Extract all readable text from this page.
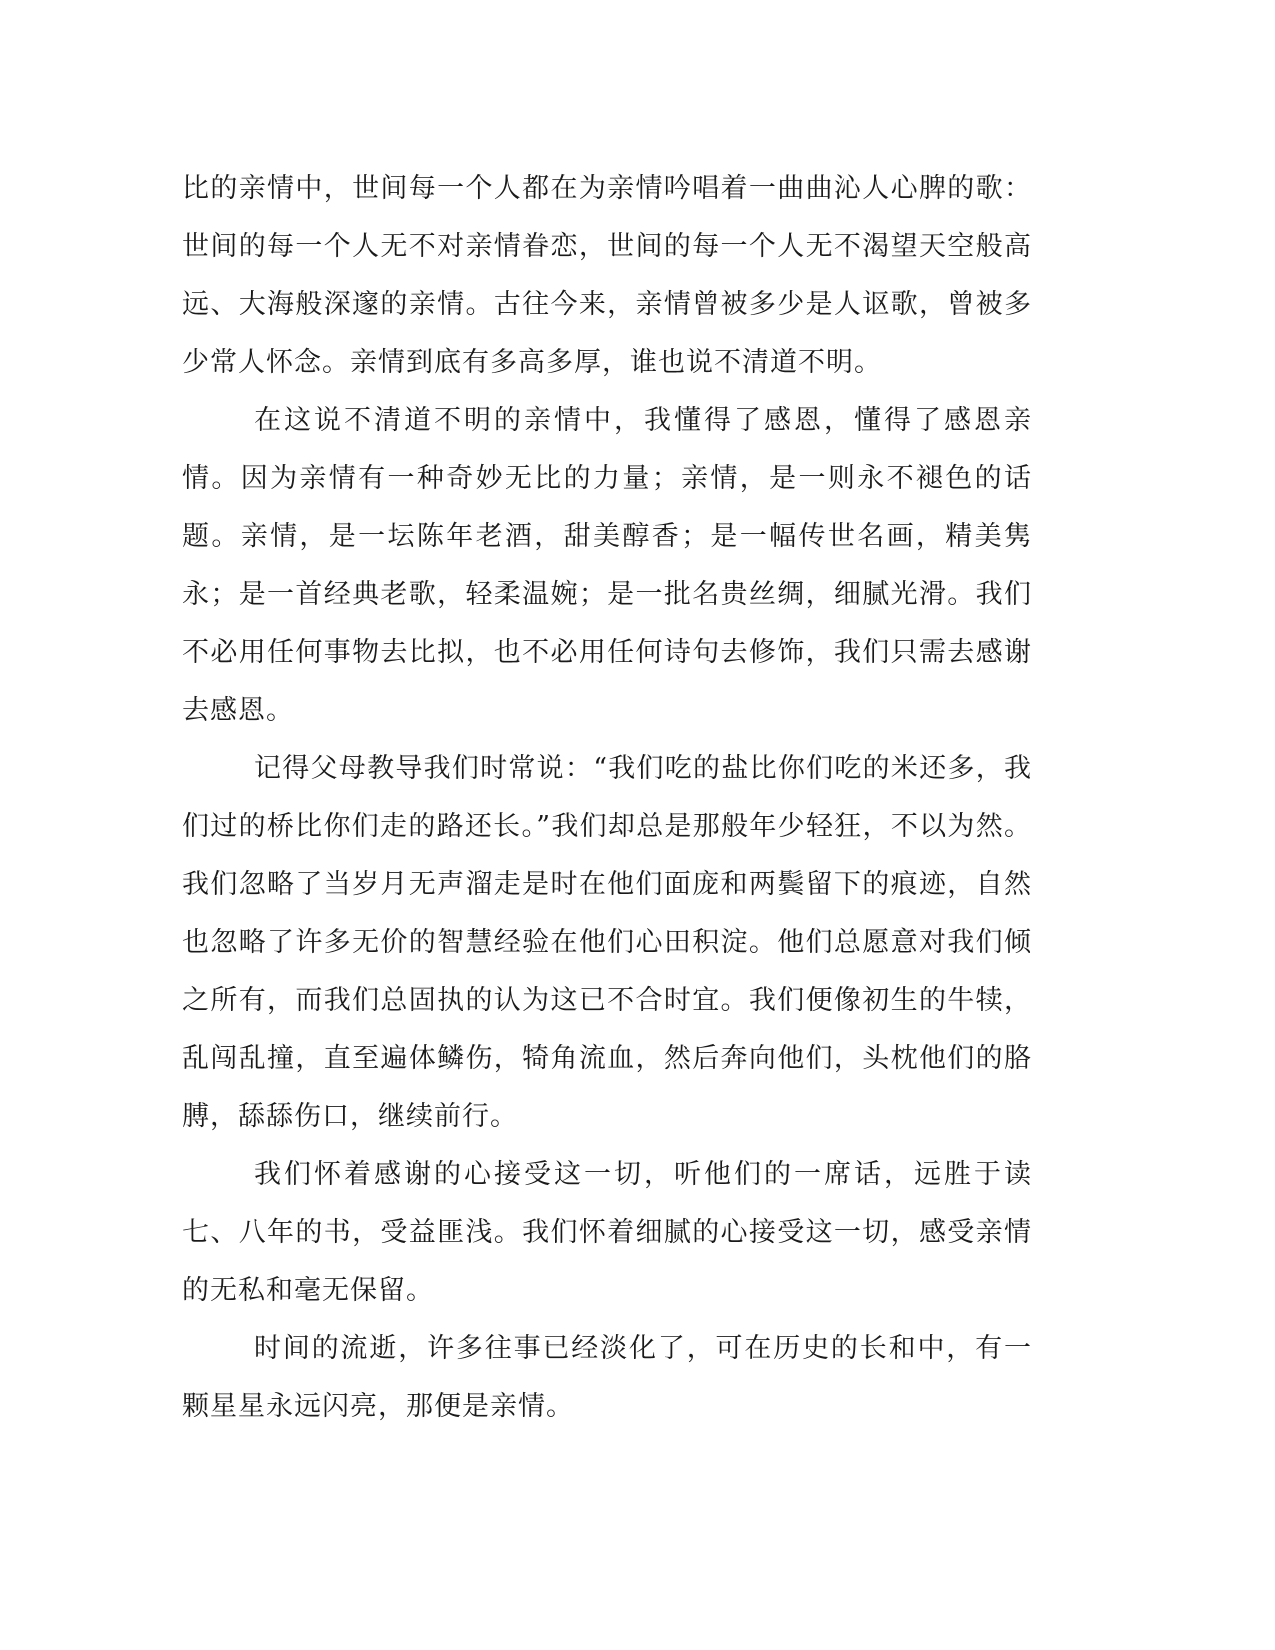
比的亲情中，世间每一个人都在为亲情吟唱着一曲曲沁人心脾的歌：世间的每一个人无不对亲情眷恋，世间的每一个人无不渴望天空般高远、大海般深邃的亲情。古往今来，亲情曾被多少是人讴歌，曾被多少常人怀念。亲情到底有多高多厚，谁也说不清道不明。

在这说不清道不明的亲情中，我懂得了感恩，懂得了感恩亲情。因为亲情有一种奇妙无比的力量；亲情，是一则永不褪色的话题。亲情，是一坛陈年老酒，甜美醇香；是一幅传世名画，精美隽永；是一首经典老歌，轻柔温婉；是一批名贵丝绸，细腻光滑。我们不必用任何事物去比拟，也不必用任何诗句去修饰，我们只需去感谢去感恩。

记得父母教导我们时常说：“我们吃的盐比你们吃的米还多，我们过的桥比你们走的路还长。”我们却总是那般年少轻狂，不以为然。我们忽略了当岁月无声溜走是时在他们面庞和两鬓留下的痕迹，自然也忽略了许多无价的智慧经验在他们心田积淀。他们总愿意对我们倾之所有，而我们总固执的认为这已不合时宜。我们便像初生的牛犊，乱闯乱撞，直至遍体鳞伤，犄角流血，然后奔向他们，头枕他们的胳膊，舔舔伤口，继续前行。

我们怀着感谢的心接受这一切，听他们的一席话，远胜于读七、八年的书，受益匪浅。我们怀着细腻的心接受这一切，感受亲情的无私和毫无保留。

时间的流逝，许多往事已经淡化了，可在历史的长和中，有一颗星星永远闪亮，那便是亲情。
